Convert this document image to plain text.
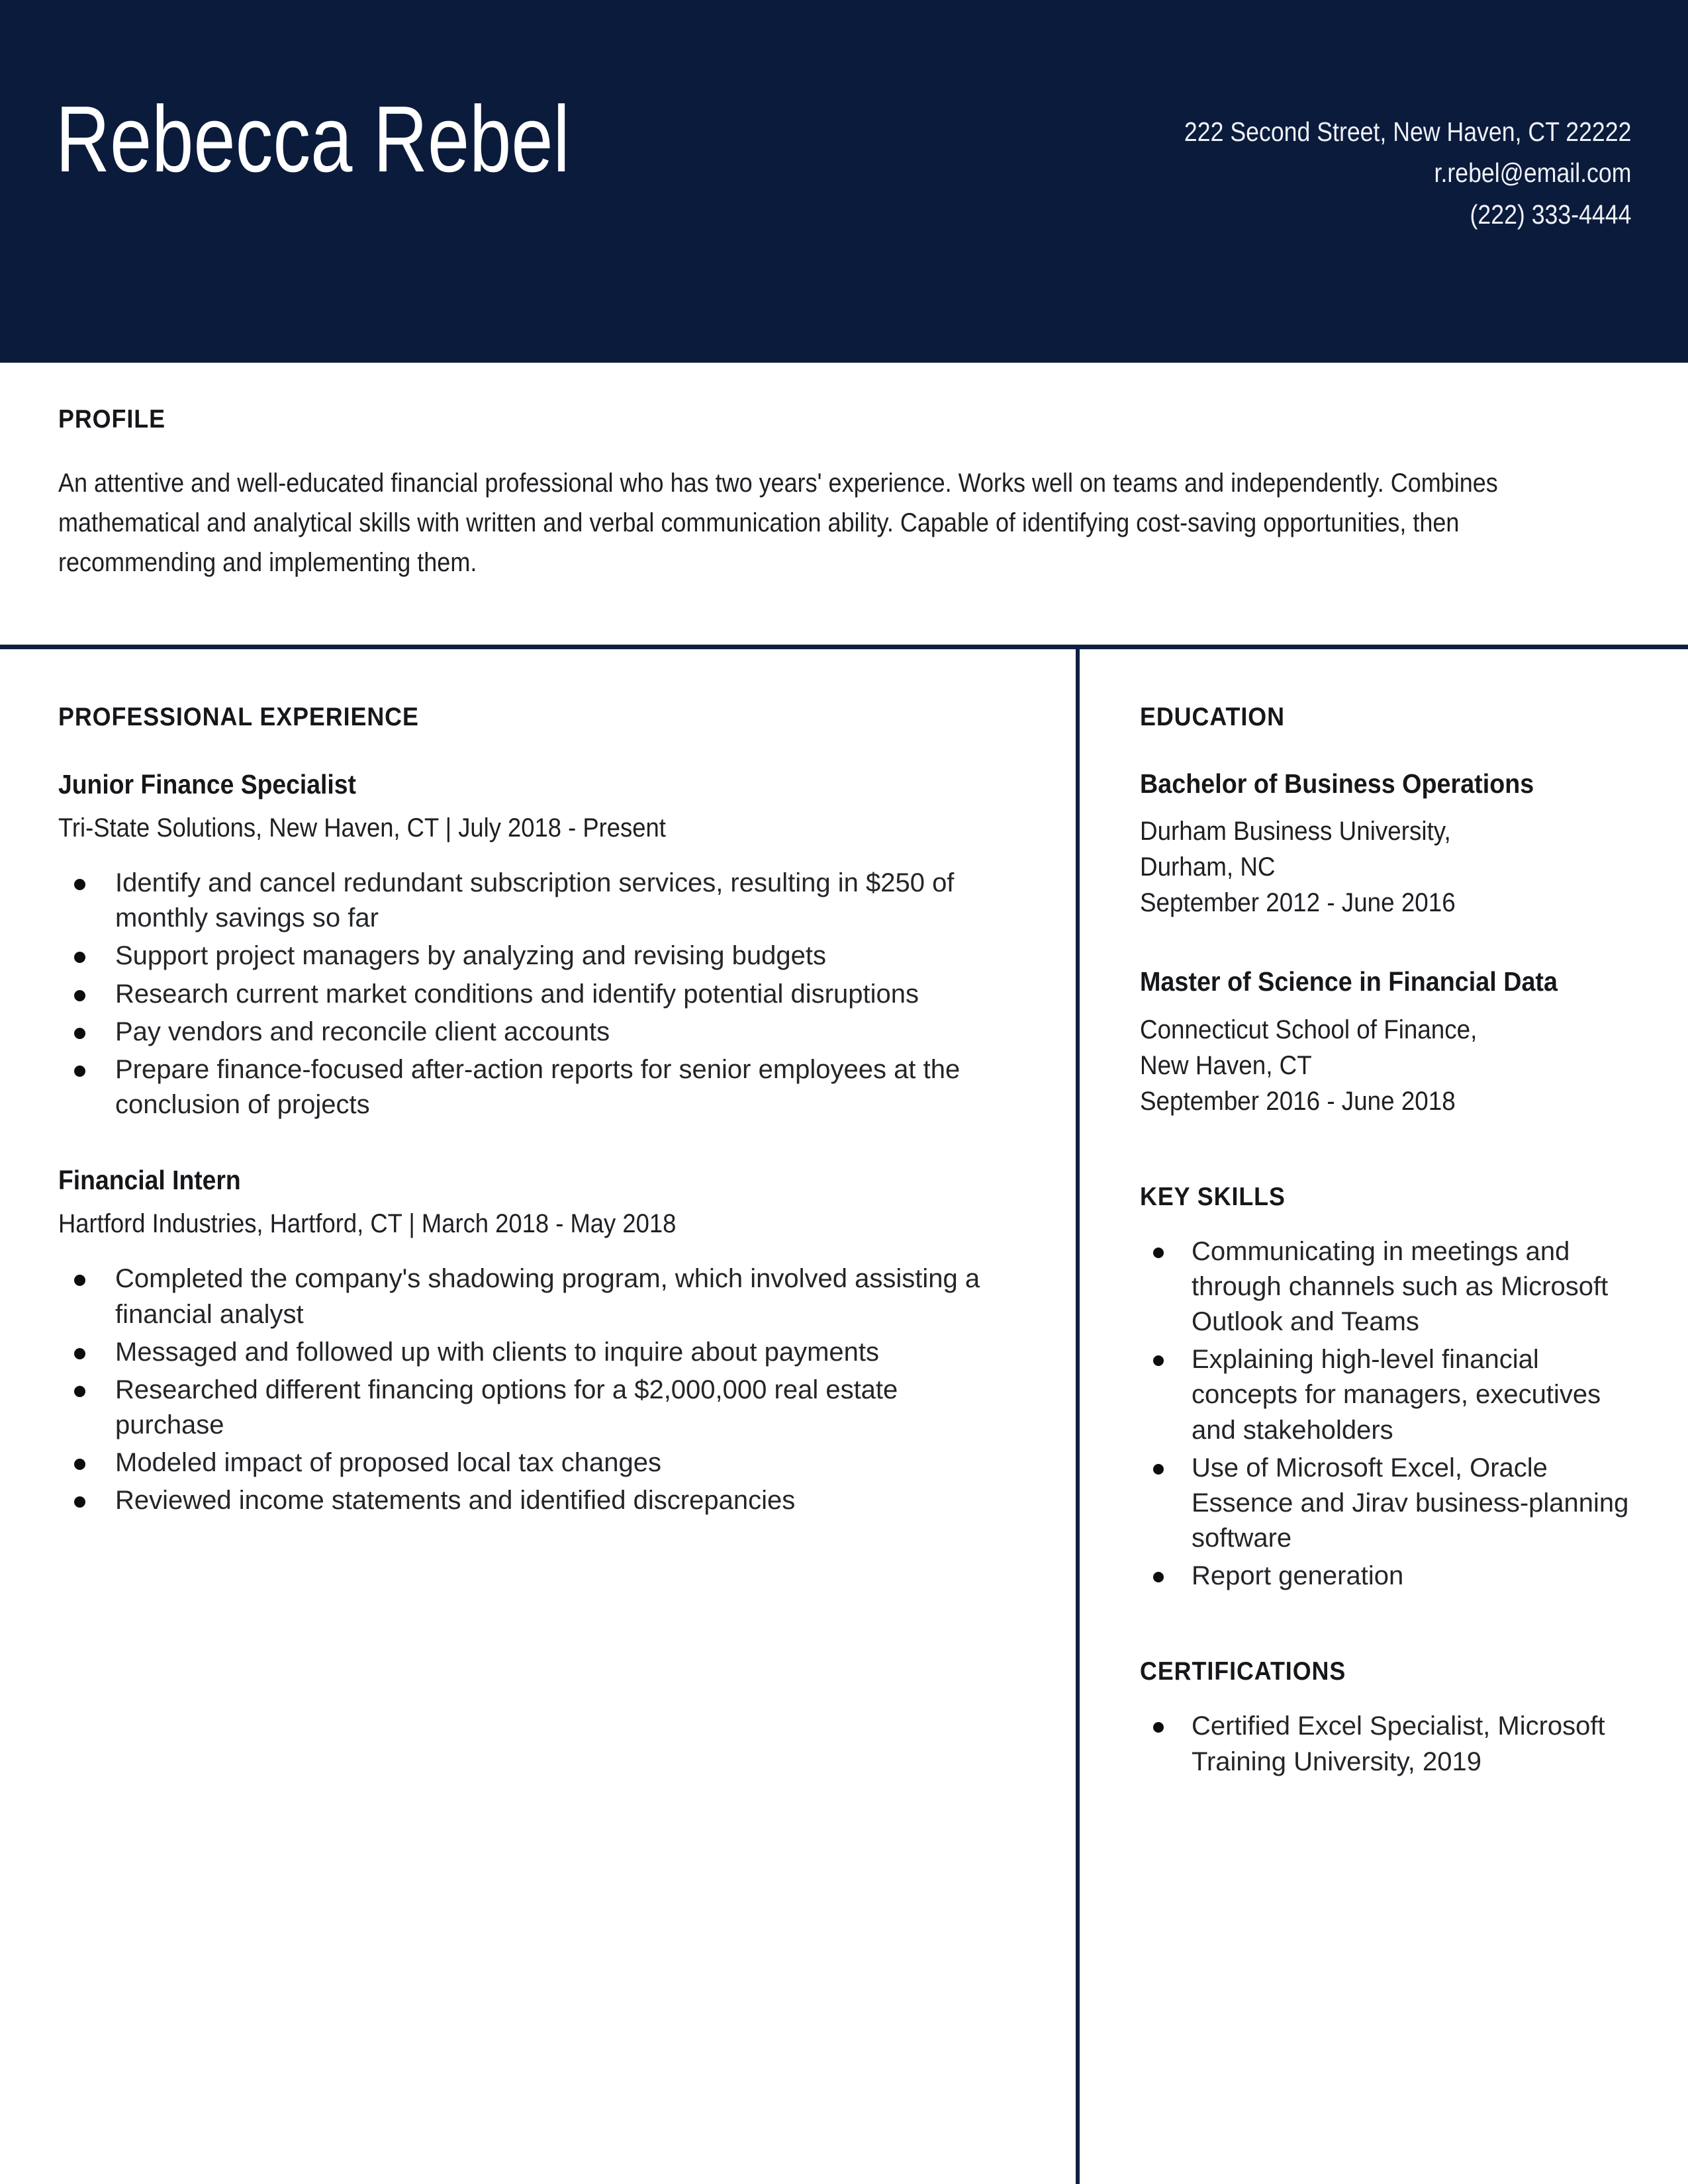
Rebecca Rebel	222 Second Street, New Haven, CT 22222
r.rebel@email.com
(222) 333-4444
PROFILE
An attentive and well-educated financial professional who has two years' experience. Works well on teams and independently. Combines mathematical and analytical skills with written and verbal communication ability. Capable of identifying cost-saving opportunities, then recommending and implementing them.
PROFESSIONAL EXPERIENCE
Junior Finance Specialist
Tri-State Solutions, New Haven, CT | July 2018 - Present
Identify and cancel redundant subscription services, resulting in $250 of monthly savings so far
Support project managers by analyzing and revising budgets
Research current market conditions and identify potential disruptions
Pay vendors and reconcile client accounts
Prepare finance-focused after-action reports for senior employees at the conclusion of projects
Financial Intern
Hartford Industries, Hartford, CT | March 2018 - May 2018
Completed the company's shadowing program, which involved assisting a financial analyst
Messaged and followed up with clients to inquire about payments
Researched different financing options for a $2,000,000 real estate purchase
Modeled impact of proposed local tax changes
Reviewed income statements and identified discrepancies
EDUCATION
Bachelor of Business Operations
Durham Business University,
Durham, NC
September 2012 - June 2016
Master of Science in Financial Data
Connecticut School of Finance,
New Haven, CT
September 2016 - June 2018
KEY SKILLS
Communicating in meetings and through channels such as Microsoft Outlook and Teams
Explaining high-level financial concepts for managers, executives and stakeholders
Use of Microsoft Excel, Oracle Essence and Jirav business-planning software
Report generation
CERTIFICATIONS
Certified Excel Specialist, Microsoft Training University, 2019
